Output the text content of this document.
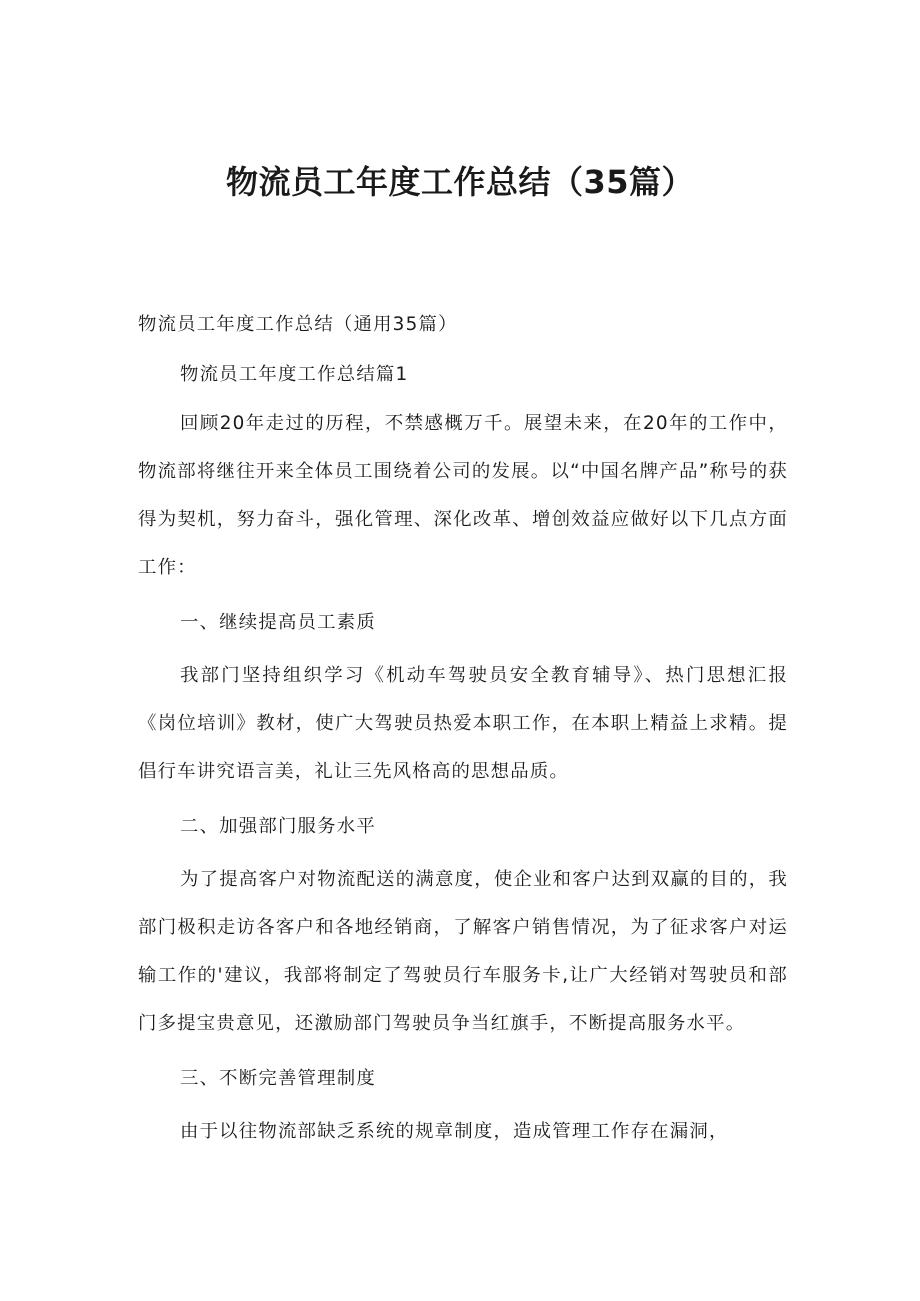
物流员工年度工作总结（35篇）

物流员工年度工作总结（通用35篇）

物流员工年度工作总结篇1

回顾20年走过的历程，不禁感概万千。展望未来，在20年的工作中，物流部将继往开来全体员工围绕着公司的发展。以“中国名牌产品”称号的获得为契机，努力奋斗，强化管理、深化改革、增创效益应做好以下几点方面工作：

一、继续提高员工素质

我部门坚持组织学习《机动车驾驶员安全教育辅导》、热门思想汇报《岗位培训》教材，使广大驾驶员热爱本职工作，在本职上精益上求精。提倡行车讲究语言美，礼让三先风格高的思想品质。

二、加强部门服务水平

为了提高客户对物流配送的满意度，使企业和客户达到双赢的目的，我部门极积走访各客户和各地经销商，了解客户销售情况，为了征求客户对运输工作的'建议，我部将制定了驾驶员行车服务卡,让广大经销对驾驶员和部门多提宝贵意见，还激励部门驾驶员争当红旗手，不断提高服务水平。

三、不断完善管理制度

由于以往物流部缺乏系统的规章制度，造成管理工作存在漏洞，
